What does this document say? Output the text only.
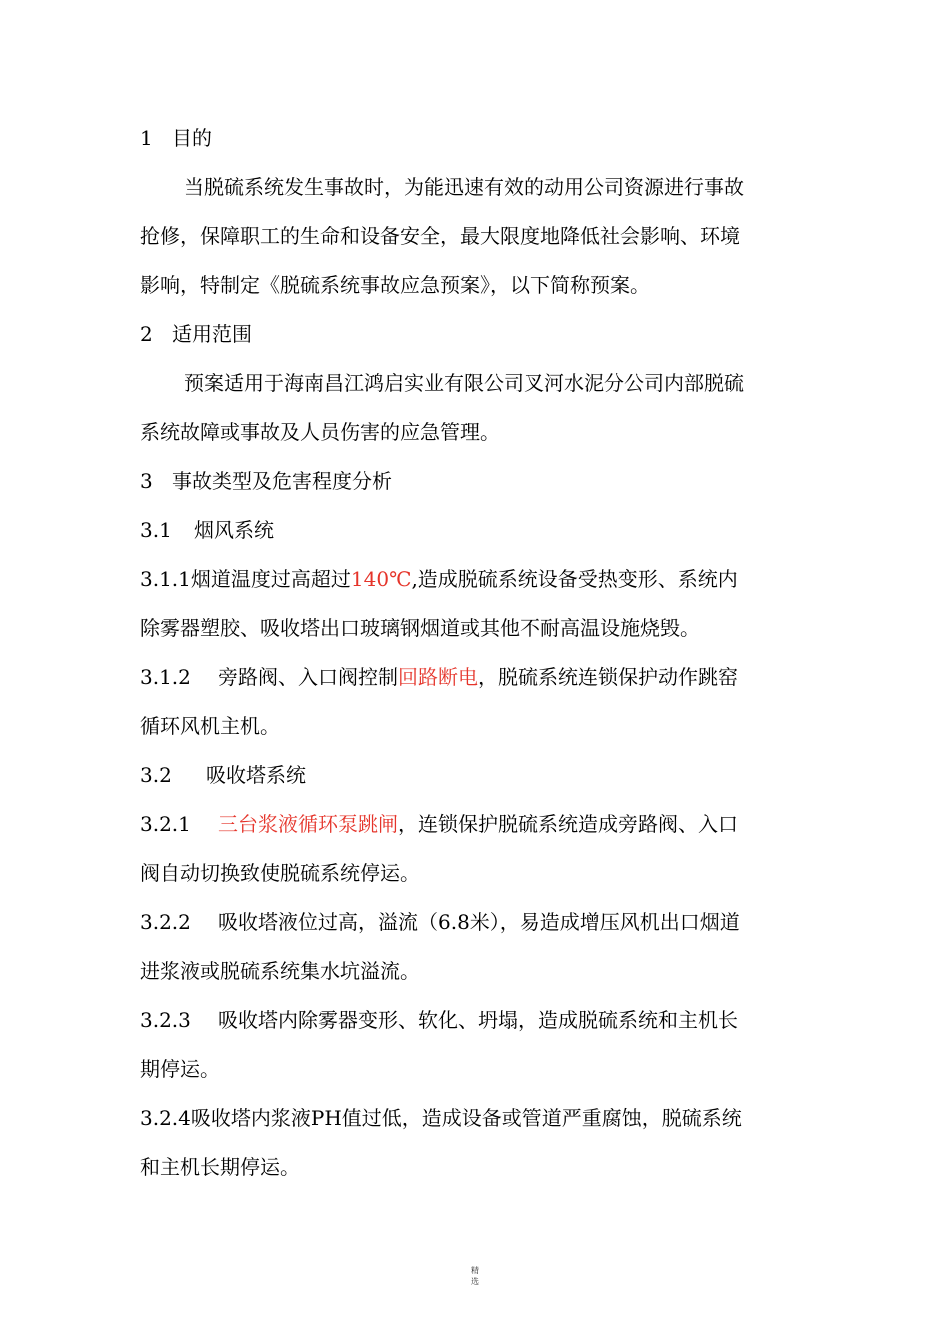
1 目的
当脱硫系统发生事故时，为能迅速有效的动用公司资源进行事故
抢修，保障职工的生命和设备安全，最大限度地降低社会影响、环境
影响，特制定《脱硫系统事故应急预案》，以下简称预案。
2 适用范围
预案适用于海南昌江鸿启实业有限公司叉河水泥分公司内部脱硫
系统故障或事故及人员伤害的应急管理。
3 事故类型及危害程度分析
3.1 烟风系统
3.1.1烟道温度过高超过140℃,造成脱硫系统设备受热变形、系统内
除雾器塑胶、吸收塔出口玻璃钢烟道或其他不耐高温设施烧毁。
3.1.2 旁路阀、入口阀控制回路断电，脱硫系统连锁保护动作跳窑
循环风机主机。
3.2 吸收塔系统
3.2.1 三台浆液循环泵跳闸，连锁保护脱硫系统造成旁路阀、入口
阀自动切换致使脱硫系统停运。
3.2.2 吸收塔液位过高，溢流（6.8米），易造成增压风机出口烟道
进浆液或脱硫系统集水坑溢流。
3.2.3 吸收塔内除雾器变形、软化、坍塌，造成脱硫系统和主机长
期停运。
3.2.4吸收塔内浆液PH值过低，造成设备或管道严重腐蚀，脱硫系统
和主机长期停运。
精
选
